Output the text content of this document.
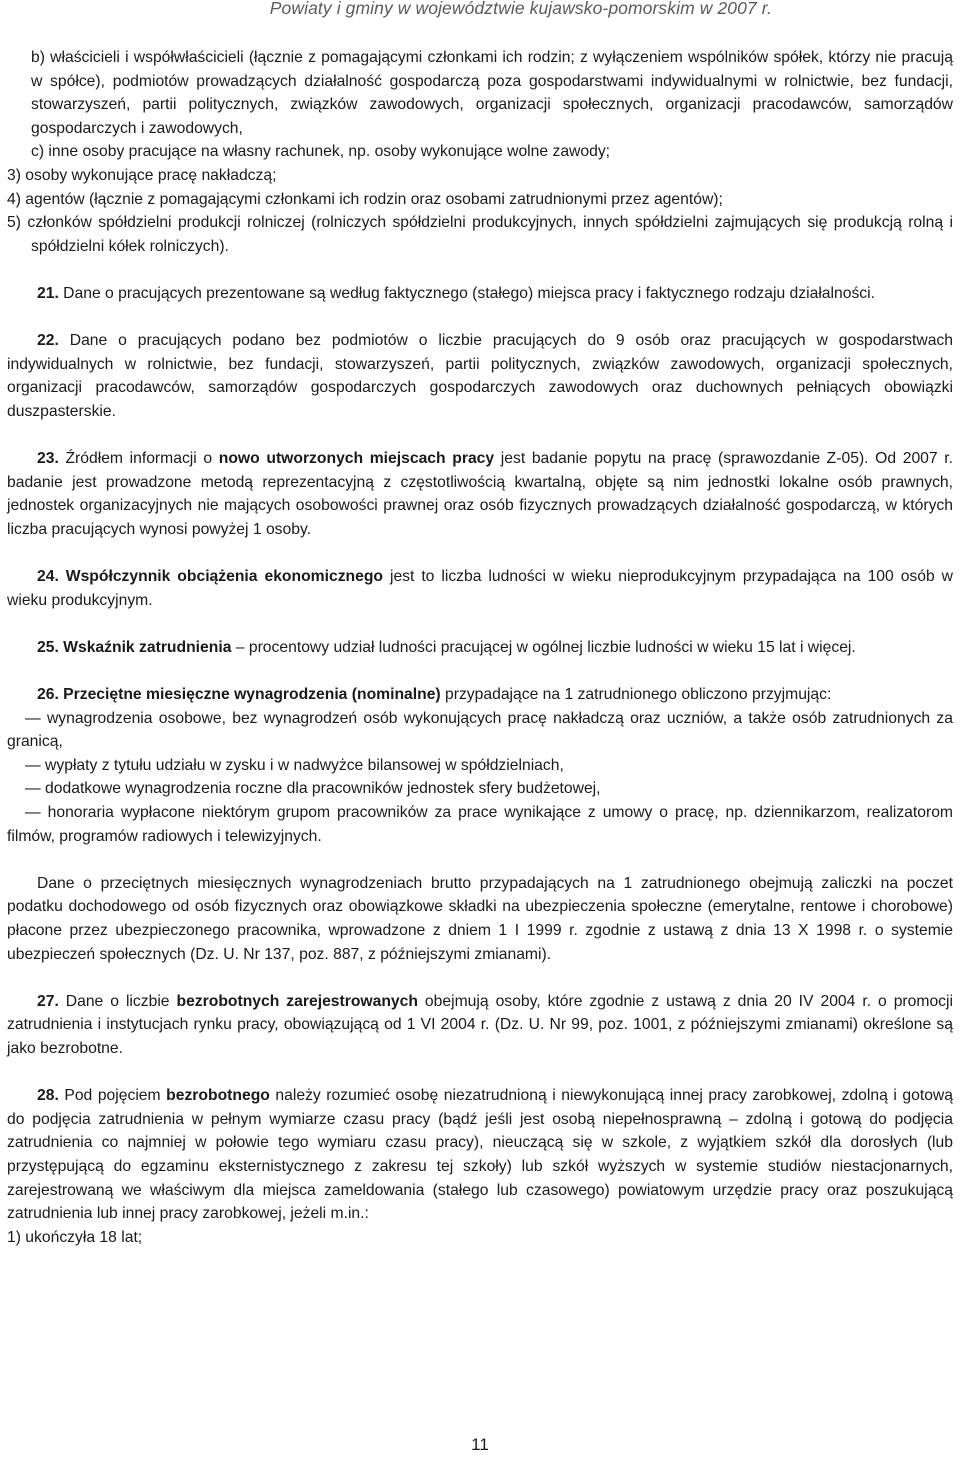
Powiaty i gminy w województwie kujawsko-pomorskim w 2007 r.

b) właścicieli i współwłaścicieli (łącznie z pomagającymi członkami ich rodzin; z wyłączeniem wspólników spółek, którzy nie pracują w spółce), podmiotów prowadzących działalność gospodarczą poza gospodarstwami indywidualnymi w rolnictwie, bez fundacji, stowarzyszeń, partii politycznych, związków zawodowych, organizacji społecznych, organizacji pracodawców, samorządów gospodarczych i zawodowych,

c) inne osoby pracujące na własny rachunek, np. osoby wykonujące wolne zawody;

3) osoby wykonujące pracę nakładczą;

4) agentów (łącznie z pomagającymi członkami ich rodzin oraz osobami zatrudnionymi przez agentów);

5) członków spółdzielni produkcji rolniczej (rolniczych spółdzielni produkcyjnych, innych spółdzielni zajmujących się produkcją rolną i spółdzielni kółek rolniczych).

21. Dane o pracujących prezentowane są według faktycznego (stałego) miejsca pracy i faktycznego rodzaju działalności.

22. Dane o pracujących podano bez podmiotów o liczbie pracujących do 9 osób oraz pracujących w gospodarstwach indywidualnych w rolnictwie, bez fundacji, stowarzyszeń, partii politycznych, związków zawodowych, organizacji społecznych, organizacji pracodawców, samorządów gospodarczych gospodarczych zawodowych oraz duchownych pełniących obowiązki duszpasterskie.

23. Źródłem informacji o nowo utworzonych miejscach pracy jest badanie popytu na pracę (sprawozdanie Z-05). Od 2007 r. badanie jest prowadzone metodą reprezentacyjną z częstotliwością kwartalną, objęte są nim jednostki lokalne osób prawnych, jednostek organizacyjnych nie mających osobowości prawnej oraz osób fizycznych prowadzących działalność gospodarczą, w których liczba pracujących wynosi powyżej 1 osoby.

24. Współczynnik obciążenia ekonomicznego jest to liczba ludności w wieku nieprodukcyjnym przypadająca na 100 osób w wieku produkcyjnym.

25. Wskaźnik zatrudnienia – procentowy udział ludności pracującej w ogólnej liczbie ludności w wieku 15 lat i więcej.

26. Przeciętne miesięczne wynagrodzenia (nominalne) przypadające na 1 zatrudnionego obliczono przyjmując:

— wynagrodzenia osobowe, bez wynagrodzeń osób wykonujących pracę nakładczą oraz uczniów, a także osób zatrudnionych za granicą,

— wypłaty z tytułu udziału w zysku i w nadwyżce bilansowej w spółdzielniach,

— dodatkowe wynagrodzenia roczne dla pracowników jednostek sfery budżetowej,

— honoraria wypłacone niektórym grupom pracowników za prace wynikające z umowy o pracę, np. dziennikarzom, realizatorom filmów, programów radiowych i telewizyjnych.

Dane o przeciętnych miesięcznych wynagrodzeniach brutto przypadających na 1 zatrudnionego obejmują zaliczki na poczet podatku dochodowego od osób fizycznych oraz obowiązkowe składki na ubezpieczenia społeczne (emerytalne, rentowe i chorobowe) płacone przez ubezpieczonego pracownika, wprowadzone z dniem 1 I 1999 r. zgodnie z ustawą z dnia 13 X 1998 r. o systemie ubezpieczeń społecznych (Dz. U. Nr 137, poz. 887, z późniejszymi zmianami).

27. Dane o liczbie bezrobotnych zarejestrowanych obejmują osoby, które zgodnie z ustawą z dnia 20 IV 2004 r. o promocji zatrudnienia i instytucjach rynku pracy, obowiązującą od 1 VI 2004 r. (Dz. U. Nr 99, poz. 1001, z późniejszymi zmianami) określone są jako bezrobotne.

28. Pod pojęciem bezrobotnego należy rozumieć osobę niezatrudnioną i niewykonującą innej pracy zarobkowej, zdolną i gotową do podjęcia zatrudnienia w pełnym wymiarze czasu pracy (bądź jeśli jest osobą niepełnosprawną – zdolną i gotową do podjęcia zatrudnienia co najmniej w połowie tego wymiaru czasu pracy), nieuczącą się w szkole, z wyjątkiem szkół dla dorosłych (lub przystępującą do egzaminu eksternistycznego z zakresu tej szkoły) lub szkół wyższych w systemie studiów niestacjonarnych, zarejestrowaną we właściwym dla miejsca zameldowania (stałego lub czasowego) powiatowym urzędzie pracy oraz poszukującą zatrudnienia lub innej pracy zarobkowej, jeżeli m.in.:

1) ukończyła 18 lat;

11
